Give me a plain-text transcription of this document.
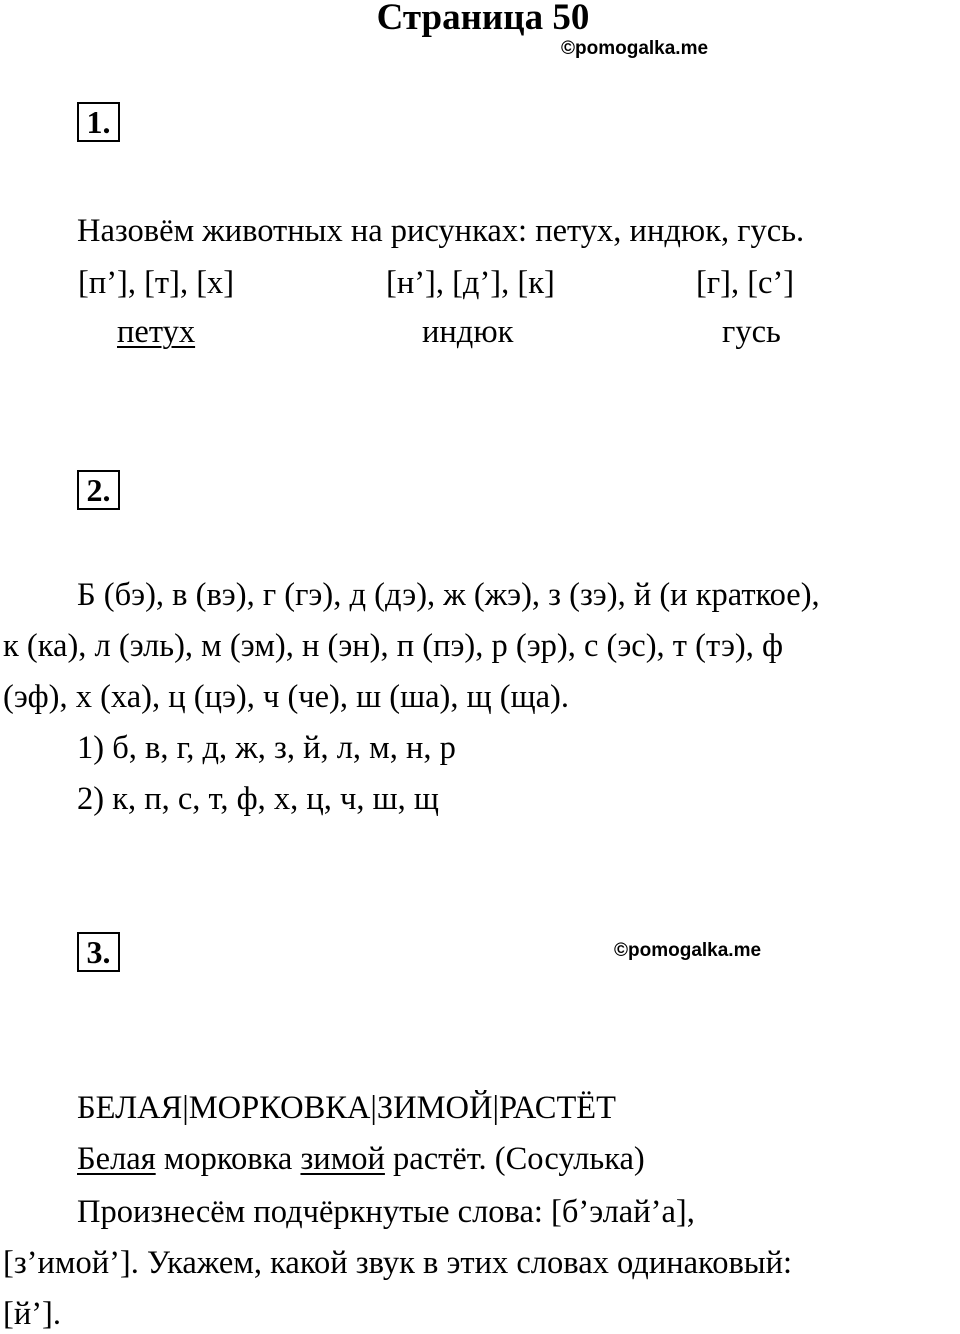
Страница 50
©pomogalka.me
1.
Назовём животных на рисунках: петух, индюк, гусь.
[п’], [т], [х]	[н’], [д’], [к]	[г], [с’]
петух	индюк	гусь
2.
Б (бэ), в (вэ), г (гэ), д (дэ), ж (жэ), з (зэ), й (и краткое),
к (ка), л (эль), м (эм), н (эн), п (пэ), р (эр), с (эс), т (тэ), ф
(эф), х (ха), ц (цэ), ч (че), ш (ша), щ (ща).
1) б, в, г, д, ж, з, й, л, м, н, р
2) к, п, с, т, ф, х, ц, ч, ш, щ
3.	©pomogalka.me
БЕЛАЯ|МОРКОВКА|ЗИМОЙ|РАСТЁТ
Белая морковка зимой растёт. (Сосулька)
Произнесём подчёркнутые слова: [б’элай’а],
[з’имой’]. Укажем, какой звук в этих словах одинаковый:
[й’].
